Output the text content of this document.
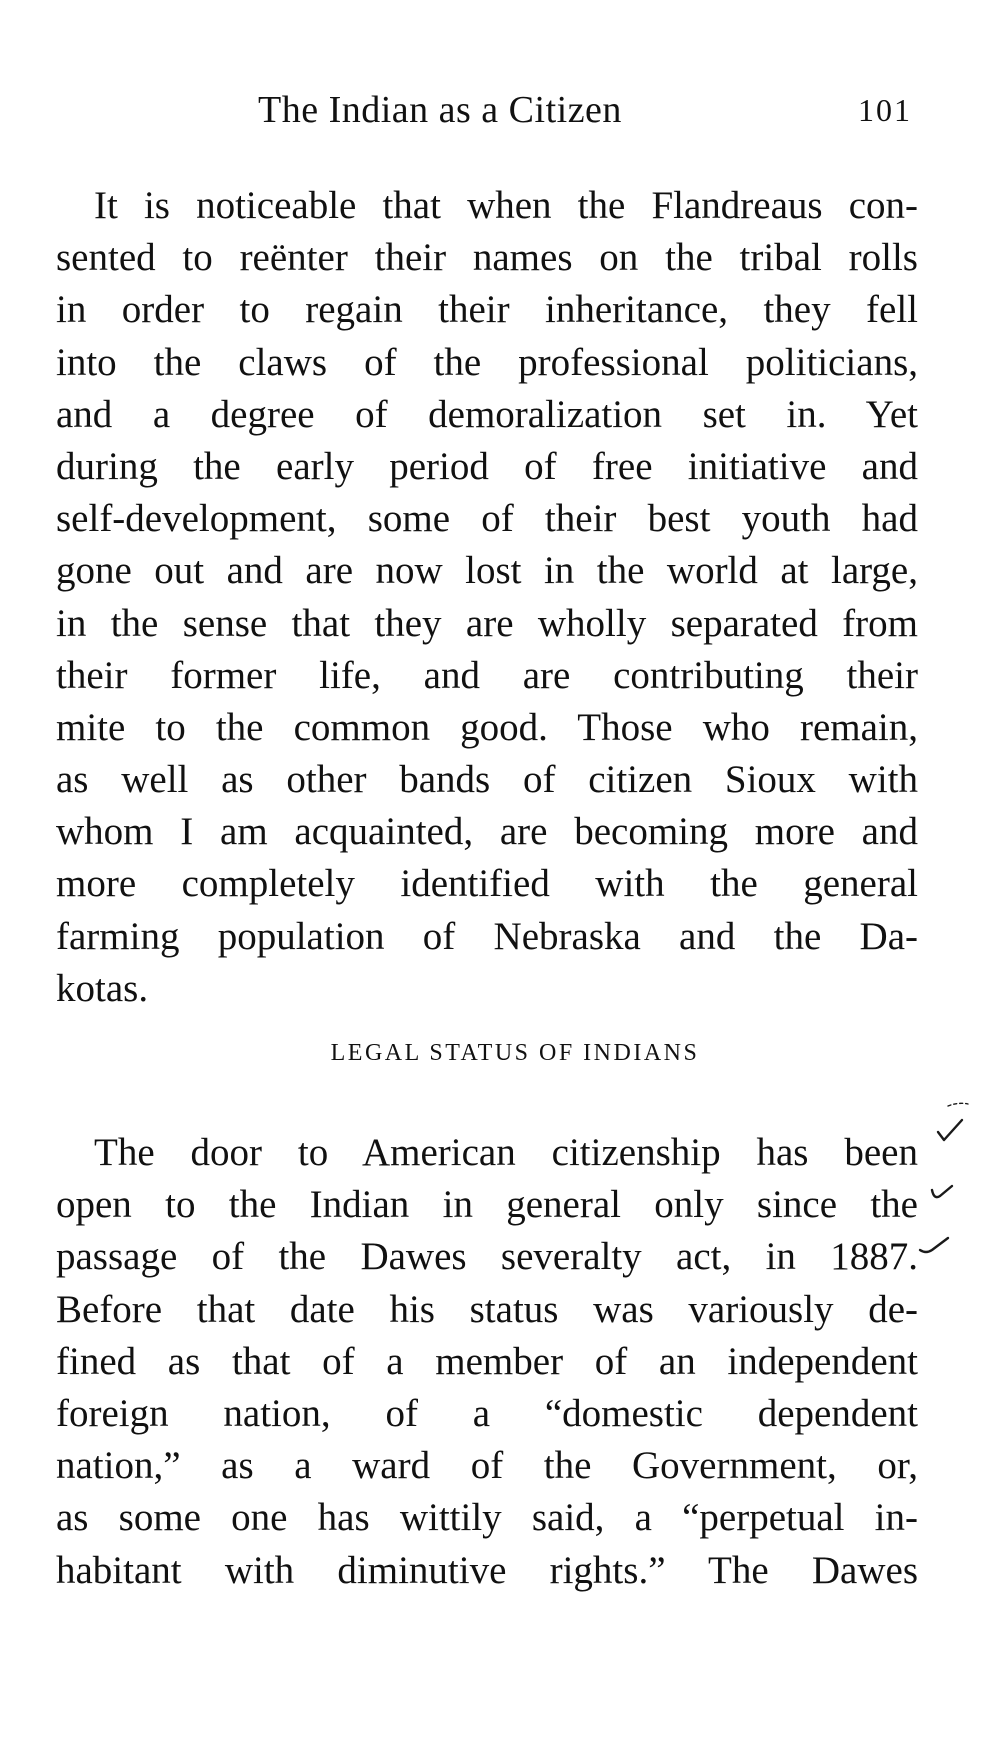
The Indian as a Citizen	101
It is noticeable that when the Flandreaus con-
sented to reënter their names on the tribal rolls
in order to regain their inheritance, they fell
into the claws of the professional politicians,
and a degree of demoralization set in. Yet
during the early period of free initiative and
self-development, some of their best youth had
gone out and are now lost in the world at large,
in the sense that they are wholly separated from
their former life, and are contributing their
mite to the common good. Those who remain,
as well as other bands of citizen Sioux with
whom I am acquainted, are becoming more and
more completely identified with the general
farming population of Nebraska and the Da-
kotas.
LEGAL STATUS OF INDIANS
The door to American citizenship has been
open to the Indian in general only since the
passage of the Dawes severalty act, in 1887.
Before that date his status was variously de-
fined as that of a member of an independent
foreign nation, of a “domestic dependent
nation,” as a ward of the Government, or,
as some one has wittily said, a “perpetual in-
habitant with diminutive rights.” The Dawes
